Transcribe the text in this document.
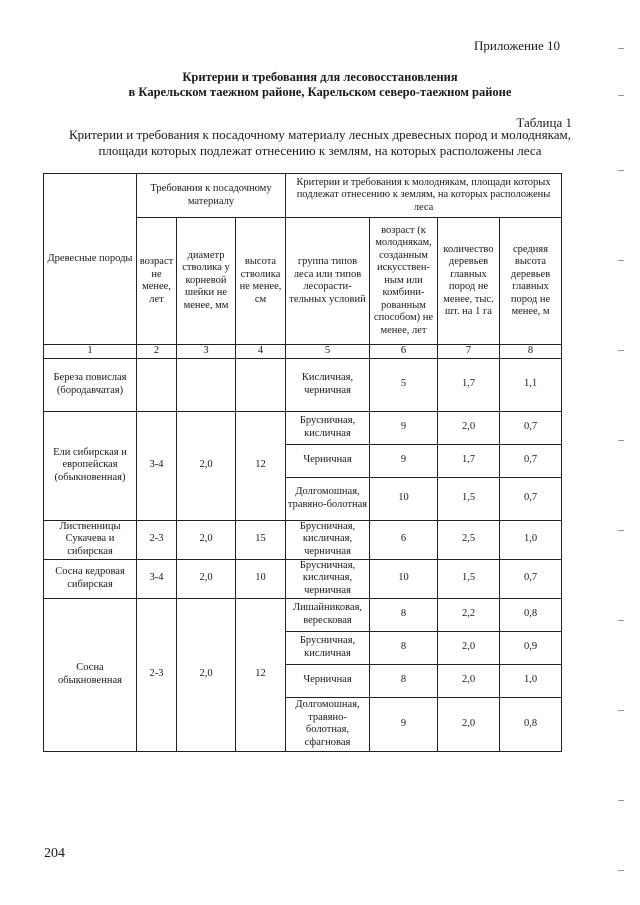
Приложение 10
Критерии и требования для лесовосстановления
в Карельском таежном районе, Карельском северо-таежном районе
Таблица 1
Критерии и требования к посадочному материалу лесных древесных пород и молоднякам,
площади которых подлежат отнесению к землям, на которых расположены леса
Древесные породы	Требования к посадочному материалу			Критерии и требования к молоднякам, площади которых подлежат отнесению к землям, на которых расположены леса			
	возраст не менее, лет	диаметр стволика у корневой шейки не менее, мм	высота стволика не менее, см	группа типов леса или типов лесорасти-тельных условий	возраст (к молоднякам, созданным искусствен-ным или комбини-рованным способом) не менее, лет	количество деревьев главных пород не менее, тыс. шт. на 1 га	средняя высота деревьев главных пород не менее, м
1	2	3	4	5	6	7	8
Береза повислая (бородавчатая)				Кисличная, черничная	5	1,7	1,1
Ели сибирская и европейская (обыкновенная)	3-4	2,0	12	Брусничная, кисличная	9	2,0	0,7
				Черничная	9	1,7	0,7
				Долгомошная, травяно-болотная	10	1,5	0,7
Лиственницы Сукачева и сибирская	2-3	2,0	15	Брусничная, кисличная, черничная	6	2,5	1,0
Сосна кедровая сибирская	3-4	2,0	10	Брусничная, кисличная, черничная	10	1,5	0,7
Сосна обыкновенная	2-3	2,0	12	Лишайниковая, вересковая	8	2,2	0,8
				Брусничная, кисличная	8	2,0	0,9
				Черничная	8	2,0	1,0
				Долгомошная, травяно-болотная, сфагновая	9	2,0	0,8
204
